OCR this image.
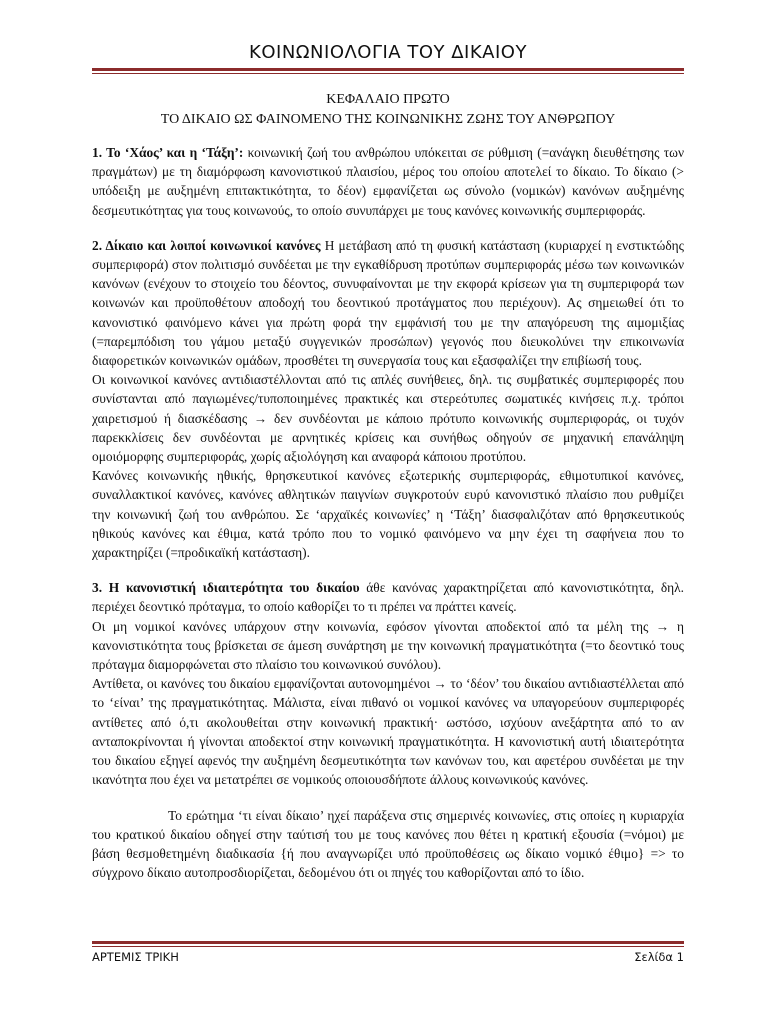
ΚΟΙΝΩΝΙΟΛΟΓΙΑ ΤΟΥ ΔΙΚΑΙΟΥ
ΚΕΦΑΛΑΙΟ ΠΡΩΤΟ
ΤΟ ΔΙΚΑΙΟ ΩΣ ΦΑΙΝΟΜΕΝΟ ΤΗΣ ΚΟΙΝΩΝΙΚΗΣ ΖΩΗΣ ΤΟΥ ΑΝΘΡΩΠΟΥ

1. Το ‘Χάος’ και η ‘Τάξη’: κοινωνική ζωή του ανθρώπου υπόκειται σε ρύθμιση (=ανάγκη διευθέτησης των πραγμάτων) με τη διαμόρφωση κανονιστικού πλαισίου, μέρος του οποίου αποτελεί το δίκαιο. Το δίκαιο (> υπόδειξη με αυξημένη επιτακτικότητα, το δέον) εμφανίζεται ως σύνολο (νομικών) κανόνων αυξημένης δεσμευτικότητας για τους κοινωνούς, το οποίο συνυπάρχει με τους κανόνες κοινωνικής συμπεριφοράς.

2. Δίκαιο και λοιποί κοινωνικοί κανόνες Η μετάβαση από τη φυσική κατάσταση (κυριαρχεί η ενστικτώδης συμπεριφορά) στον πολιτισμό συνδέεται με την εγκαθίδρυση προτύπων συμπεριφοράς μέσω των κοινωνικών κανόνων (ενέχουν το στοιχείο του δέοντος, συνυφαίνονται με την εκφορά κρίσεων για τη συμπεριφορά των κοινωνών και προϋποθέτουν αποδοχή του δεοντικού προτάγματος που περιέχουν). Ας σημειωθεί ότι το κανονιστικό φαινόμενο κάνει για πρώτη φορά την εμφάνισή του με την απαγόρευση της αιμομιξίας (=παρεμπόδιση του γάμου μεταξύ συγγενικών προσώπων) γεγονός που διευκολύνει την επικοινωνία διαφορετικών κοινωνικών ομάδων, προσθέτει τη συνεργασία τους και εξασφαλίζει την επιβίωσή τους.

Οι κοινωνικοί κανόνες αντιδιαστέλλονται από τις απλές συνήθειες, δηλ. τις συμβατικές συμπεριφορές που συνίστανται από παγιωμένες/τυποποιημένες πρακτικές και στερεότυπες σωματικές κινήσεις π.χ. τρόποι χαιρετισμού ή διασκέδασης → δεν συνδέονται με κάποιο πρότυπο κοινωνικής συμπεριφοράς, οι τυχόν παρεκκλίσεις δεν συνδέονται με αρνητικές κρίσεις και συνήθως οδηγούν σε μηχανική επανάληψη ομοιόμορφης συμπεριφοράς, χωρίς αξιολόγηση και αναφορά κάποιου προτύπου.

Κανόνες κοινωνικής ηθικής, θρησκευτικοί κανόνες εξωτερικής συμπεριφοράς, εθιμοτυπικοί κανόνες, συναλλακτικοί κανόνες, κανόνες αθλητικών παιγνίων συγκροτούν ευρύ κανονιστικό πλαίσιο που ρυθμίζει την κοινωνική ζωή του ανθρώπου. Σε ‘αρχαϊκές κοινωνίες’ η ‘Τάξη’ διασφαλιζόταν από θρησκευτικούς ηθικούς κανόνες και έθιμα, κατά τρόπο που το νομικό φαινόμενο να μην έχει τη σαφήνεια που το χαρακτηρίζει (=προδικαϊκή κατάσταση).

3. Η κανονιστική ιδιαιτερότητα του δικαίου άθε κανόνας χαρακτηρίζεται από κανονιστικότητα, δηλ. περιέχει δεοντικό πρόταγμα, το οποίο καθορίζει το τι πρέπει να πράττει κανείς.

Οι μη νομικοί κανόνες υπάρχουν στην κοινωνία, εφόσον γίνονται αποδεκτοί από τα μέλη της → η κανονιστικότητα τους βρίσκεται σε άμεση συνάρτηση με την κοινωνική πραγματικότητα (=το δεοντικό τους πρόταγμα διαμορφώνεται στο πλαίσιο του κοινωνικού συνόλου).

Αντίθετα, οι κανόνες του δικαίου εμφανίζονται αυτονομημένοι → το ‘δέον’ του δικαίου αντιδιαστέλλεται από το ‘είναι’ της πραγματικότητας. Μάλιστα, είναι πιθανό οι νομικοί κανόνες να υπαγορεύουν συμπεριφορές αντίθετες από ό,τι ακολουθείται στην κοινωνική πρακτική· ωστόσο, ισχύουν ανεξάρτητα από το αν ανταποκρίνονται ή γίνονται αποδεκτοί στην κοινωνική πραγματικότητα. Η κανονιστική αυτή ιδιαιτερότητα του δικαίου εξηγεί αφενός την αυξημένη δεσμευτικότητα των κανόνων του, και αφετέρου συνδέεται με την ικανότητα που έχει να μετατρέπει σε νομικούς οποιουσδήποτε άλλους κοινωνικούς κανόνες.

Το ερώτημα ‘τι είναι δίκαιο’ ηχεί παράξενα στις σημερινές κοινωνίες, στις οποίες η κυριαρχία του κρατικού δικαίου οδηγεί στην ταύτισή του με τους κανόνες που θέτει η κρατική εξουσία (=νόμοι) με βάση θεσμοθετημένη διαδικασία {ή που αναγνωρίζει υπό προϋποθέσεις ως δίκαιο νομικό έθιμο} => το σύγχρονο δίκαιο αυτοπροσδιορίζεται, δεδομένου ότι οι πηγές του καθορίζονται από το ίδιο.

ΑΡΤΕΜΙΣ ΤΡΙΚΗ	Σελίδα 1
